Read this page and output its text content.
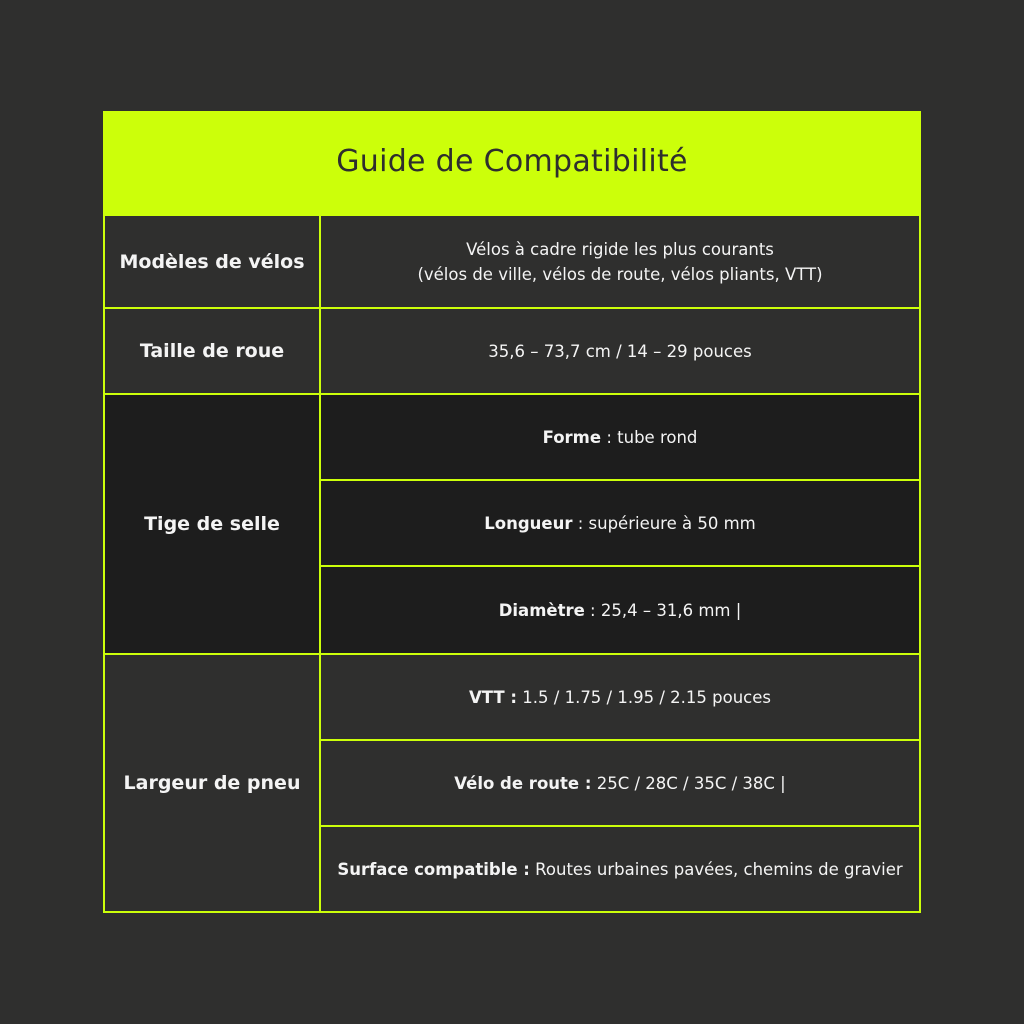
Guide de Compatibilité
Modèles de vélos
Vélos à cadre rigide les plus courants
(vélos de ville, vélos de route, vélos pliants, VTT)
Taille de roue	35,6 – 73,7 cm / 14 – 29 pouces
Tige de selle
Forme : tube rond
Longueur : supérieure à 50 mm
Diamètre : 25,4 – 31,6 mm |
Largeur de pneu
VTT : 1.5 / 1.75 / 1.95 / 2.15 pouces
Vélo de route : 25C / 28C / 35C / 38C |
Surface compatible : Routes urbaines pavées, chemins de gravier
